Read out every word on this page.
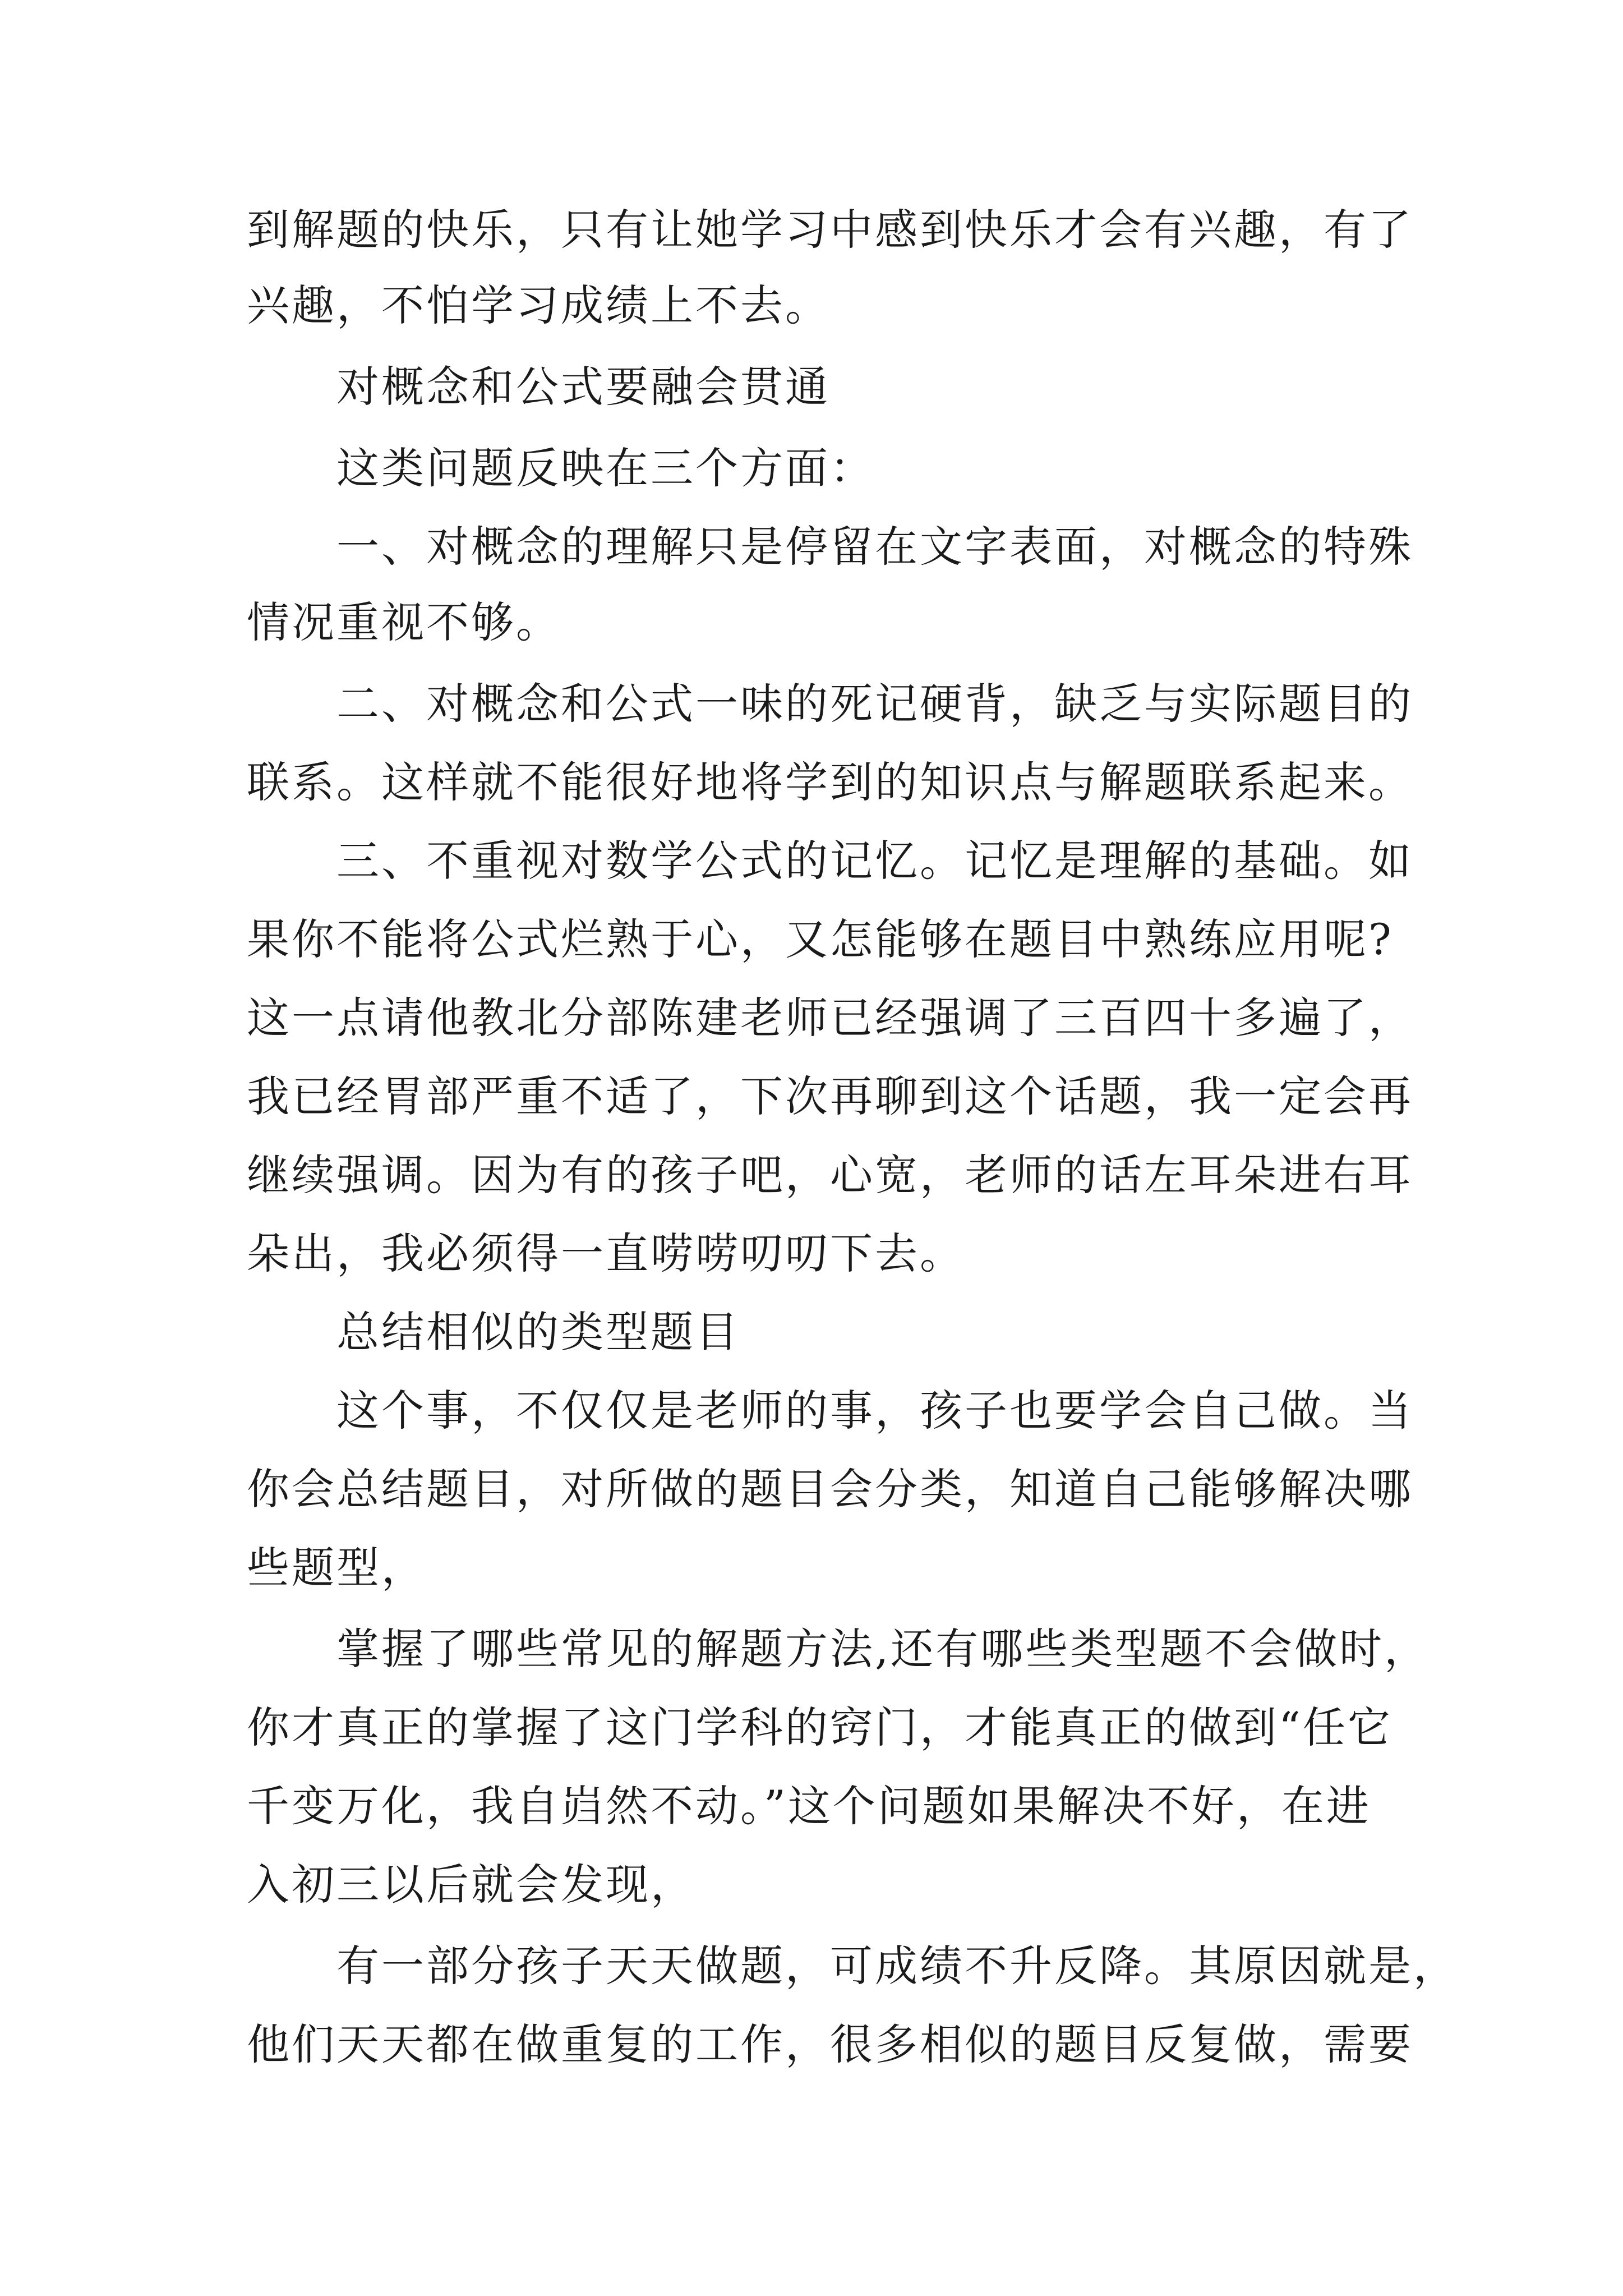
到解题的快乐，只有让她学习中感到快乐才会有兴趣，有了
兴趣，不怕学习成绩上不去。
对概念和公式要融会贯通
这类问题反映在三个方面：
一、对概念的理解只是停留在文字表面，对概念的特殊
情况重视不够。
二、对概念和公式一味的死记硬背，缺乏与实际题目的
联系。这样就不能很好地将学到的知识点与解题联系起来。
三、不重视对数学公式的记忆。记忆是理解的基础。如
果你不能将公式烂熟于心，又怎能够在题目中熟练应用呢?
这一点请他教北分部陈建老师已经强调了三百四十多遍了，
我已经胃部严重不适了，下次再聊到这个话题，我一定会再
继续强调。因为有的孩子吧，心宽，老师的话左耳朵进右耳
朵出，我必须得一直唠唠叨叨下去。
总结相似的类型题目
这个事，不仅仅是老师的事，孩子也要学会自己做。当
你会总结题目，对所做的题目会分类，知道自己能够解决哪
些题型，
掌握了哪些常见的解题方法,还有哪些类型题不会做时，
你才真正的掌握了这门学科的窍门，才能真正的做到“任它
千变万化，我自岿然不动。”这个问题如果解决不好，在进
入初三以后就会发现，
有一部分孩子天天做题，可成绩不升反降。其原因就是，
他们天天都在做重复的工作，很多相似的题目反复做，需要
